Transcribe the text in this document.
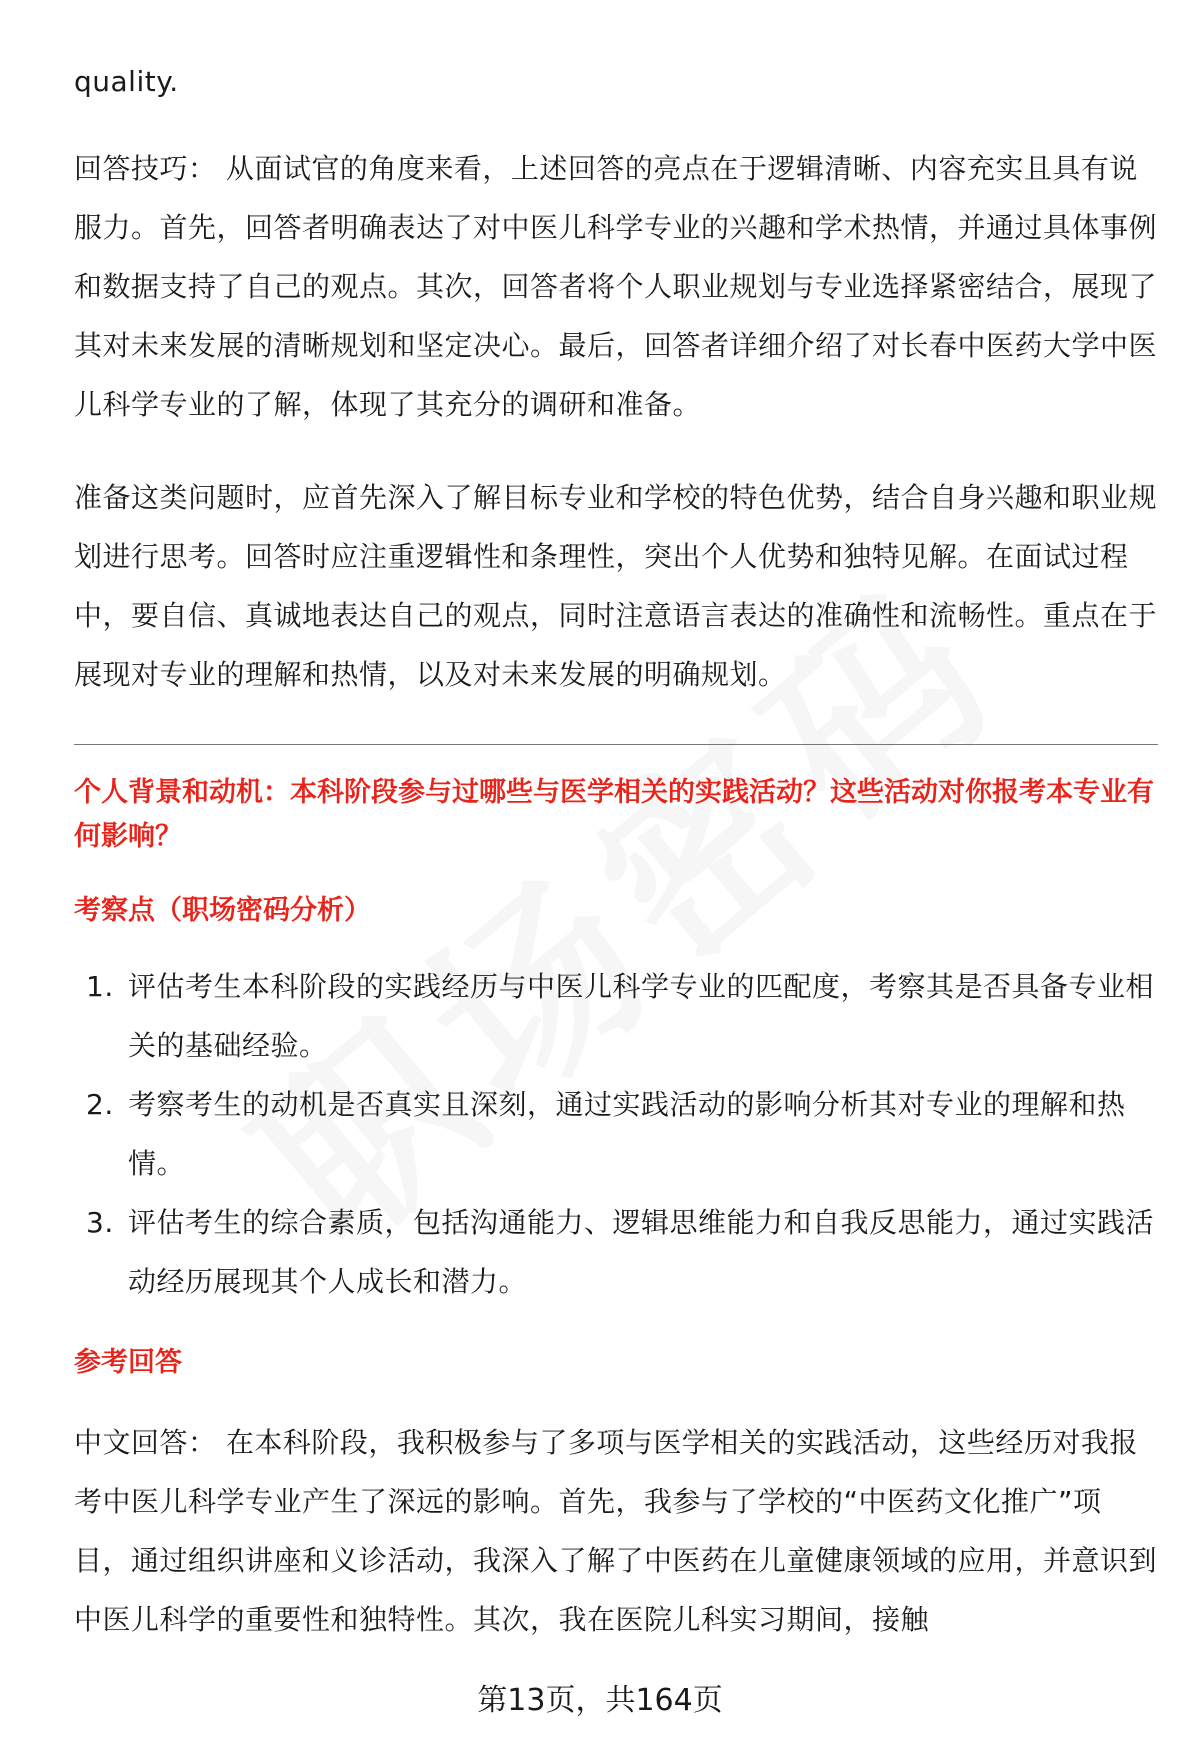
quality.

回答技巧： 从面试官的角度来看，上述回答的亮点在于逻辑清晰、内容充实且具有说服力。首先，回答者明确表达了对中医儿科学专业的兴趣和学术热情，并通过具体事例和数据支持了自己的观点。其次，回答者将个人职业规划与专业选择紧密结合，展现了其对未来发展的清晰规划和坚定决心。最后，回答者详细介绍了对长春中医药大学中医儿科学专业的了解，体现了其充分的调研和准备。

准备这类问题时，应首先深入了解目标专业和学校的特色优势，结合自身兴趣和职业规划进行思考。回答时应注重逻辑性和条理性，突出个人优势和独特见解。在面试过程中，要自信、真诚地表达自己的观点，同时注意语言表达的准确性和流畅性。重点在于展现对专业的理解和热情，以及对未来发展的明确规划。

个人背景和动机：本科阶段参与过哪些与医学相关的实践活动？这些活动对你报考本专业有何影响？
考察点（职场密码分析）
1. 评估考生本科阶段的实践经历与中医儿科学专业的匹配度，考察其是否具备专业相关的基础经验。
2. 考察考生的动机是否真实且深刻，通过实践活动的影响分析其对专业的理解和热情。
3. 评估考生的综合素质，包括沟通能力、逻辑思维能力和自我反思能力，通过实践活动经历展现其个人成长和潜力。
参考回答

中文回答： 在本科阶段，我积极参与了多项与医学相关的实践活动，这些经历对我报考中医儿科学专业产生了深远的影响。首先，我参与了学校的“中医药文化推广”项目，通过组织讲座和义诊活动，我深入了解了中医药在儿童健康领域的应用，并意识到中医儿科学的重要性和独特性。其次，我在医院儿科实习期间，接触

第13页，共164页
